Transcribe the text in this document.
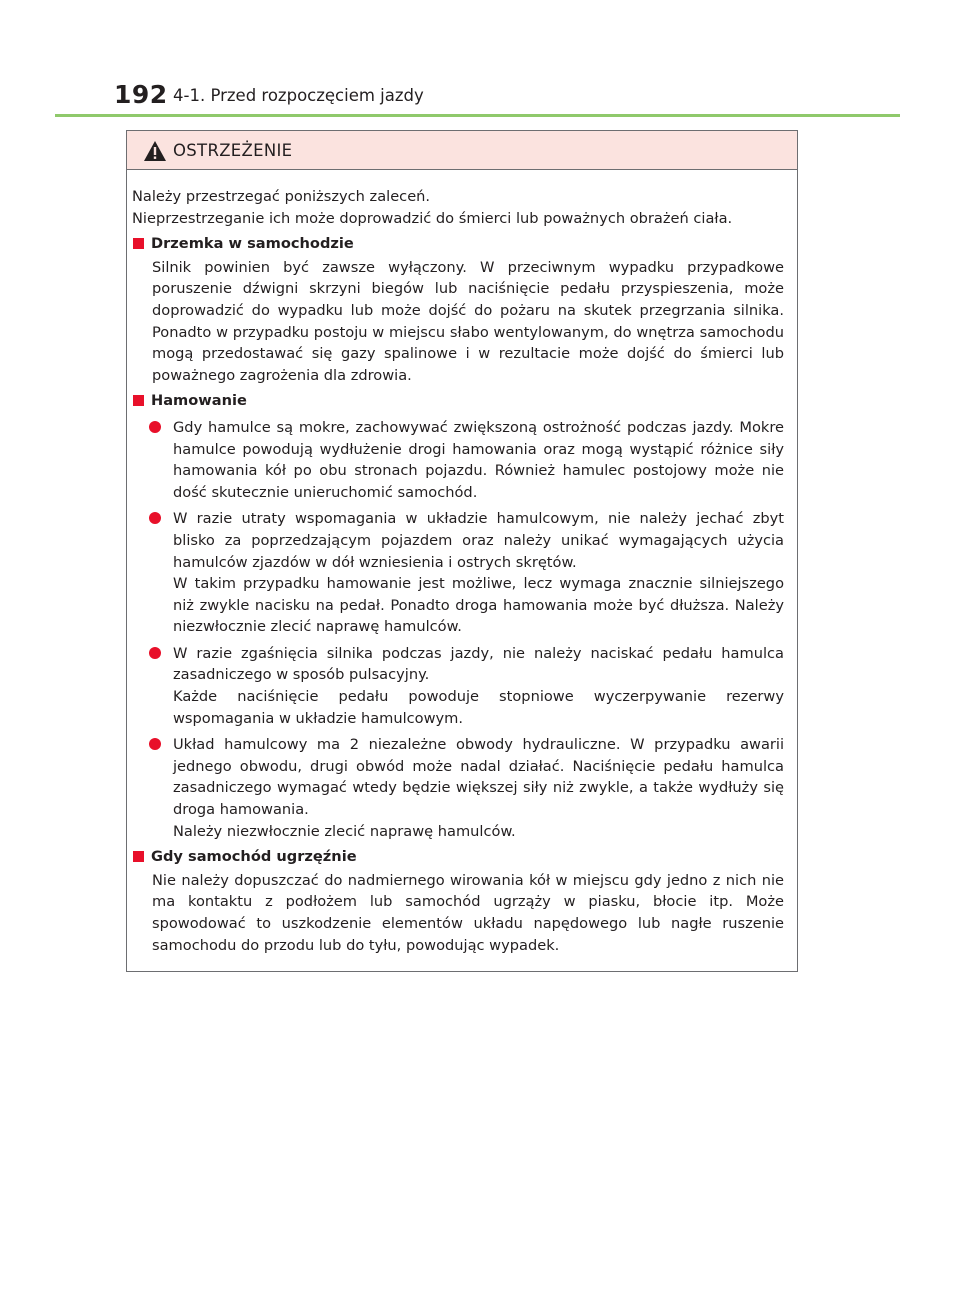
192 4-1. Przed rozpoczęciem jazdy
OSTRZEŻENIE
Należy przestrzegać poniższych zaleceń.
Nieprzestrzeganie ich może doprowadzić do śmierci lub poważnych obrażeń ciała.
Drzemka w samochodzie

Silnik powinien być zawsze wyłączony. W przeciwnym wypadku przypadkowe poruszenie dźwigni skrzyni biegów lub naciśnięcie pedału przyspieszenia, może doprowadzić do wypadku lub może dojść do pożaru na skutek przegrzania silnika. Ponadto w przypadku postoju w miejscu słabo wentylowanym, do wnętrza samochodu mogą przedostawać się gazy spalinowe i w rezultacie może dojść do śmierci lub poważnego zagrożenia dla zdrowia.

Hamowanie

Gdy hamulce są mokre, zachowywać zwiększoną ostrożność podczas jazdy. Mokre hamulce powodują wydłużenie drogi hamowania oraz mogą wystąpić różnice siły hamowania kół po obu stronach pojazdu. Również hamulec postojowy może nie dość skutecznie unieruchomić samochód.

W razie utraty wspomagania w układzie hamulcowym, nie należy jechać zbyt blisko za poprzedzającym pojazdem oraz należy unikać wymagających użycia hamulców zjazdów w dół wzniesienia i ostrych skrętów.

W takim przypadku hamowanie jest możliwe, lecz wymaga znacznie silniejszego niż zwykle nacisku na pedał. Ponadto droga hamowania może być dłuższa. Należy niezwłocznie zlecić naprawę hamulców.

W razie zgaśnięcia silnika podczas jazdy, nie należy naciskać pedału hamulca zasadniczego w sposób pulsacyjny.

Każde naciśnięcie pedału powoduje stopniowe wyczerpywanie rezerwy wspomagania w układzie hamulcowym.

Układ hamulcowy ma 2 niezależne obwody hydrauliczne. W przypadku awarii jednego obwodu, drugi obwód może nadal działać. Naciśnięcie pedału hamulca zasadniczego wymagać wtedy będzie większej siły niż zwykle, a także wydłuży się droga hamowania.

Należy niezwłocznie zlecić naprawę hamulców.

Gdy samochód ugrzęźnie

Nie należy dopuszczać do nadmiernego wirowania kół w miejscu gdy jedno z nich nie ma kontaktu z podłożem lub samochód ugrząży w piasku, błocie itp. Może spowodować to uszkodzenie elementów układu napędowego lub nagłe ruszenie samochodu do przodu lub do tyłu, powodując wypadek.
